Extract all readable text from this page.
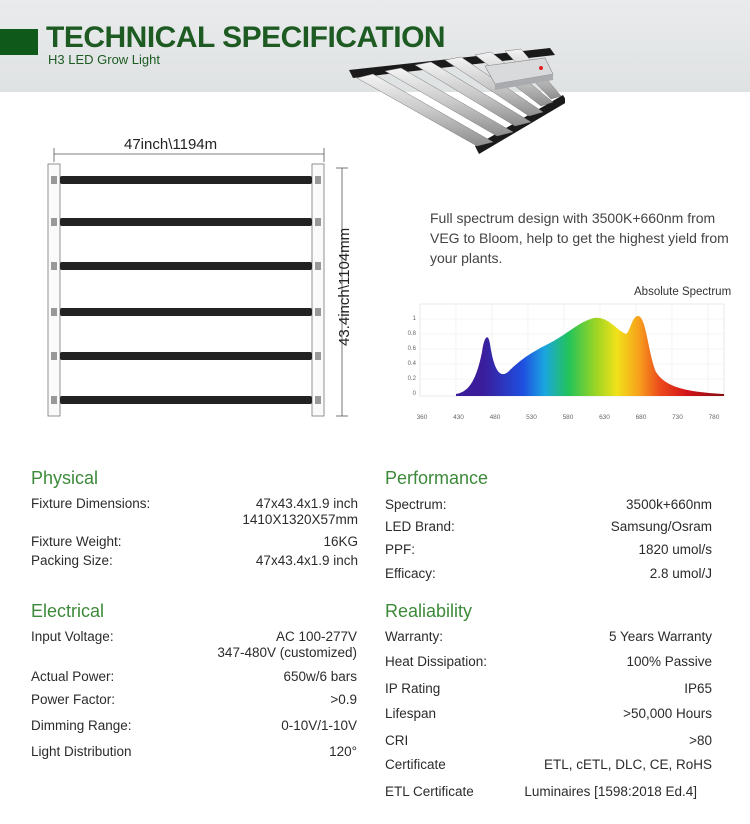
TECHNICAL SPECIFICATION
H3 LED Grow Light
47inch\1194m
43.4inch\1104mm
Full spectrum design with 3500K+660nm from VEG to Bloom, help to get the highest yield from your plants.
Absolute Spectrum
1
0.8
0.6
0.4
0.2
0
360	430	480	530	580	630	680	730	780
Physical
Fixture Dimensions:	47x43.4x1.9 inch
1410X1320X57mm
Fixture Weight:	16KG
Packing Size:	47x43.4x1.9 inch
Performance
Spectrum:	3500k+660nm
LED Brand:	Samsung/Osram
PPF:	1820 umol/s
Efficacy:	2.8 umol/J
Electrical
Input Voltage:	AC 100-277V
347-480V (customized)
Actual Power:	650w/6 bars
Power Factor:	>0.9
Dimming Range:	0-10V/1-10V
Light Distribution	120°
Realiability
Warranty:	5 Years Warranty
Heat Dissipation:	100% Passive
IP Rating	IP65
Lifespan	>50,000 Hours
CRI	>80
Certificate	ETL, cETL, DLC, CE, RoHS
ETL Certificate	Luminaires [1598:2018 Ed.4]
